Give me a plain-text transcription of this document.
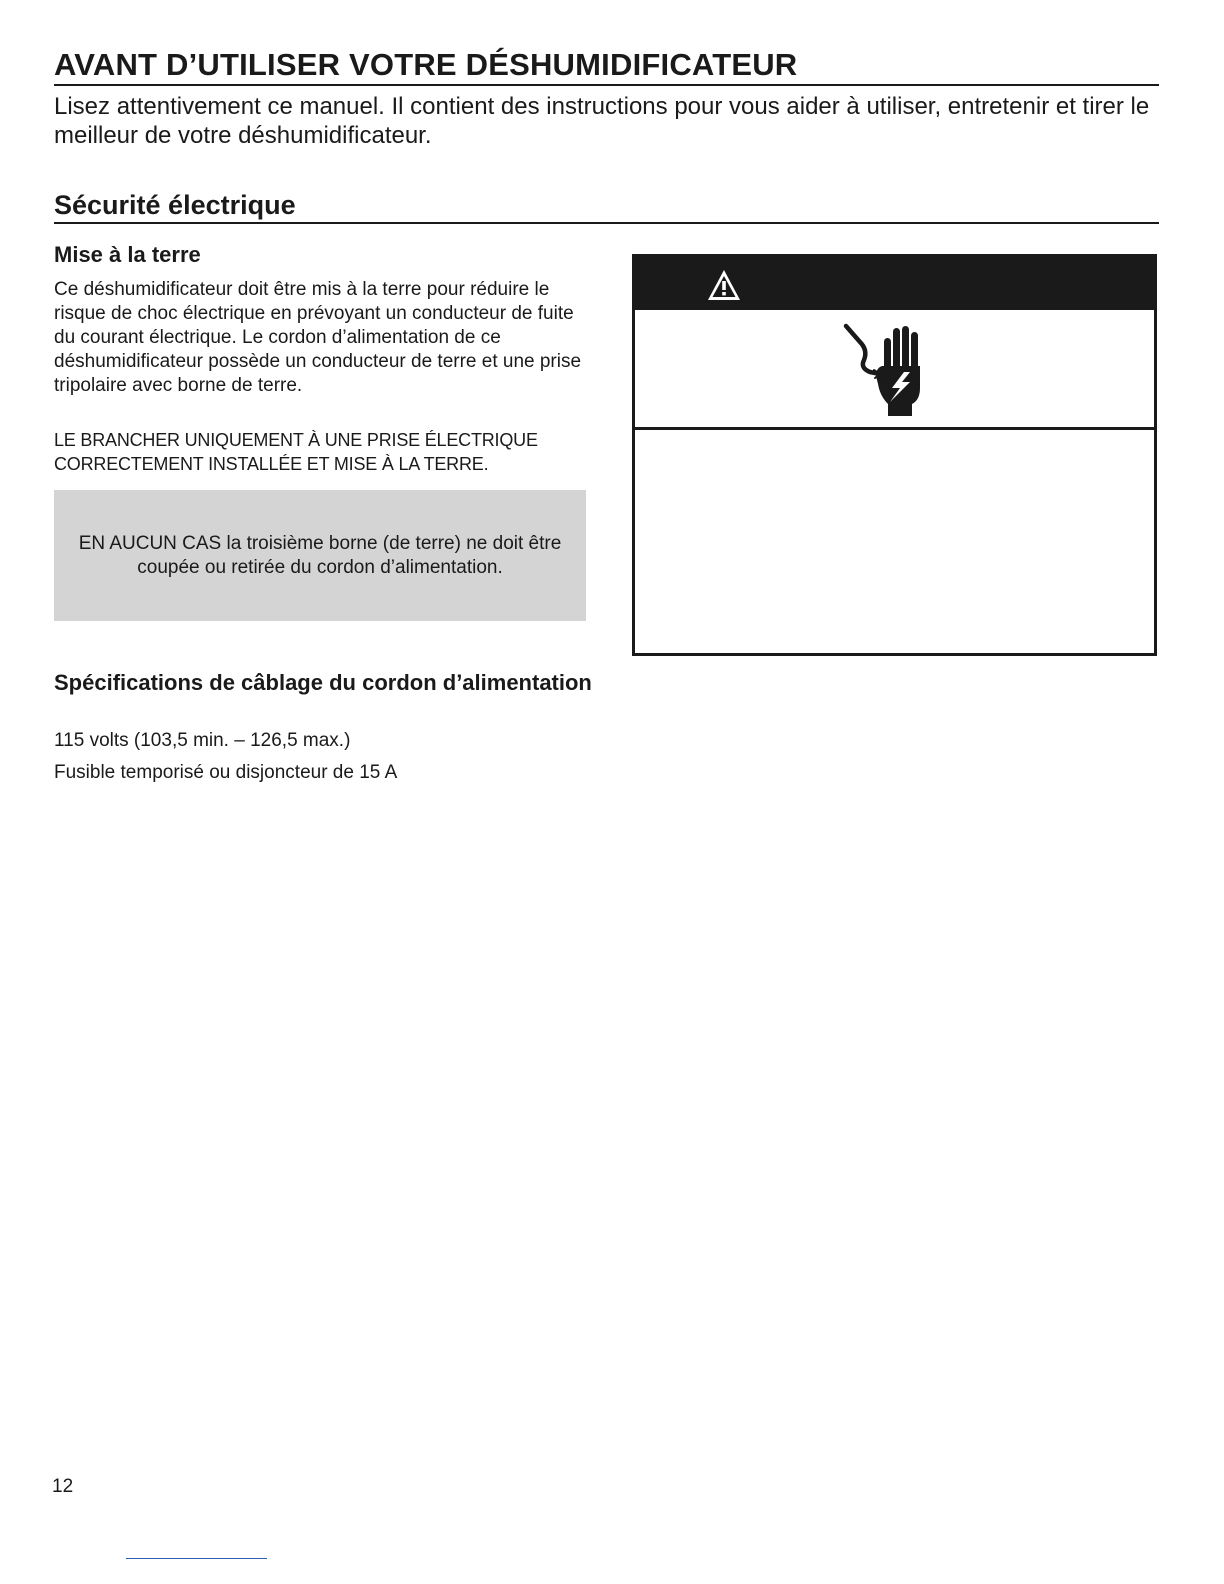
AVANT D’UTILISER VOTRE DÉSHUMIDIFICATEUR

Lisez attentivement ce manuel. Il contient des instructions pour vous aider à utiliser, entretenir et tirer le meilleur de votre déshumidificateur.

Sécurité électrique
Mise à la terre

Ce déshumidificateur doit être mis à la terre pour réduire le risque de choc électrique en prévoyant un conducteur de fuite du courant électrique. Le cordon d’alimentation de ce déshumidificateur possède un conducteur de terre et une prise tripolaire avec borne de terre.

LE BRANCHER UNIQUEMENT À UNE PRISE ÉLECTRIQUE CORRECTEMENT INSTALLÉE ET MISE À LA TERRE.

EN AUCUN CAS la troisième borne (de terre) ne doit être coupée ou retirée du cordon d’alimentation.

Spécifications de câblage du cordon d’alimentation

115 volts (103,5 min. – 126,5 max.)

Fusible temporisé ou disjoncteur de 15 A

12
